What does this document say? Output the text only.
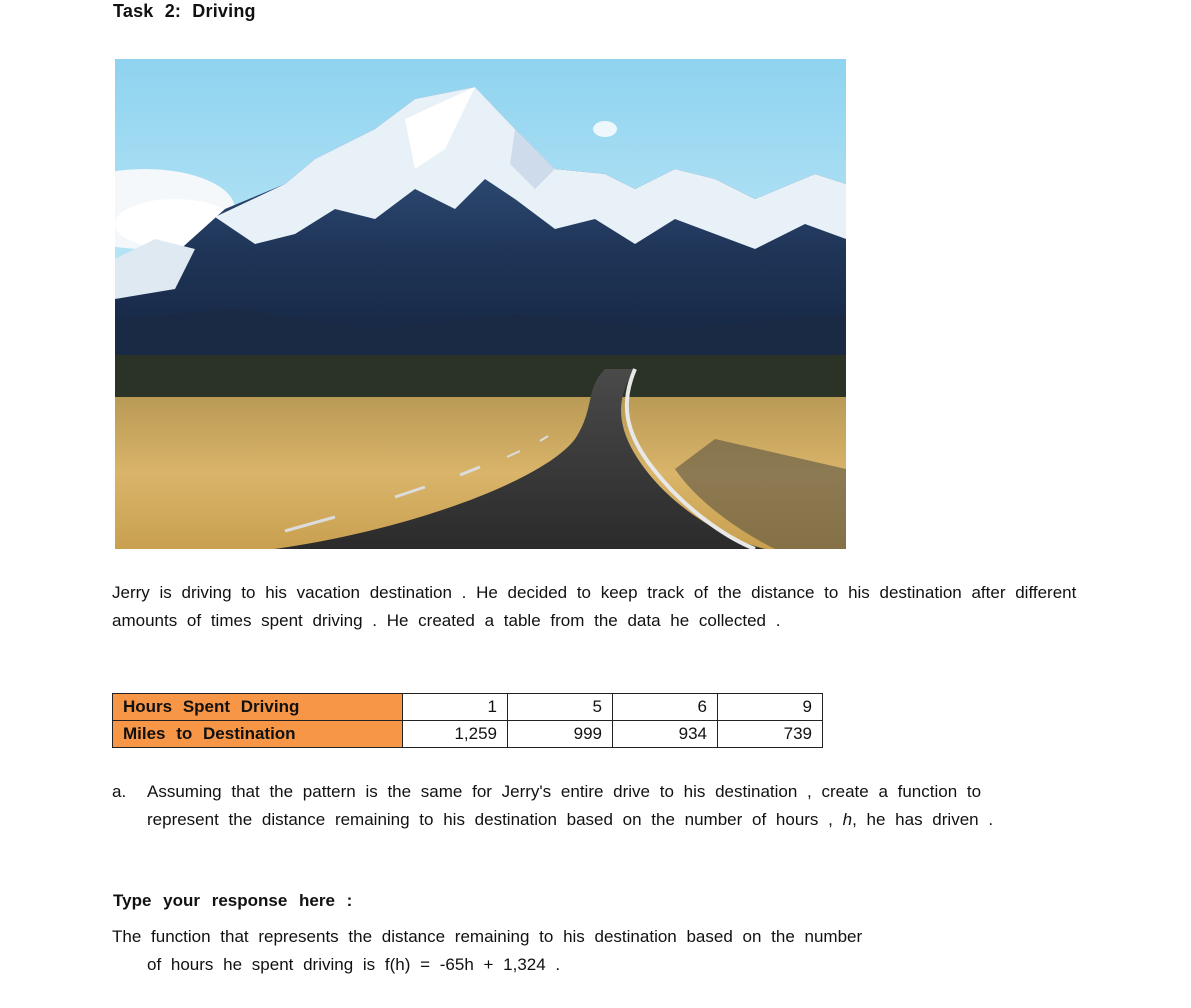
Task 2: Driving
Jerry is driving to his vacation destination . He decided to keep track of the distance to his destination after different amounts of times spent driving . He created a table from the data he collected .
Hours Spent Driving	1	5	6	9
Miles to Destination	1,259	999	934	739
a. Assuming that the pattern is the same for Jerry's entire drive to his destination , create a function to represent the distance remaining to his destination based on the number of hours , h, he has driven .
Type your response here :
The function that represents the distance remaining to his destination based on the number
of hours he spent driving is f(h) = -65h + 1,324 .
